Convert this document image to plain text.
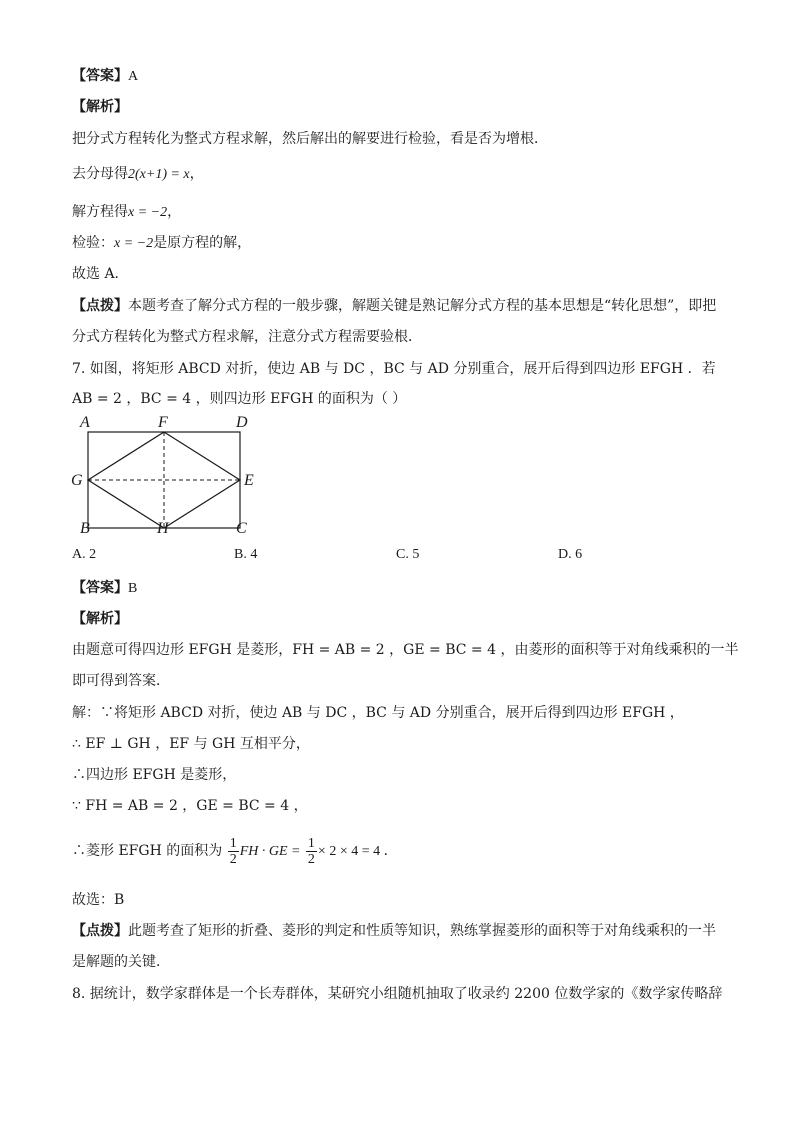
【答案】A
【解析】
把分式方程转化为整式方程求解，然后解出的解要进行检验，看是否为增根．
去分母得2(x+1) = x，
解方程得x = −2，
检验：x = −2是原方程的解，
故选 A．
【点拨】本题考查了解分式方程的一般步骤，解题关键是熟记解分式方程的基本思想是“转化思想”，即把
分式方程转化为整式方程求解，注意分式方程需要验根．
7. 如图，将矩形 ABCD 对折，使边 AB 与 DC ，BC 与 AD 分别重合，展开后得到四边形 EFGH ．若
AB = 2 ，BC = 4 ，则四边形 EFGH 的面积为（ ）
A	F	D
G	E
B	H	C
A. 2	B. 4	C. 5	D. 6
【答案】B
【解析】
由题意可得四边形 EFGH 是菱形，FH = AB = 2 ，GE = BC = 4 ，由菱形的面积等于对角线乘积的一半
即可得到答案．
解：∵将矩形 ABCD 对折，使边 AB 与 DC ，BC 与 AD 分别重合，展开后得到四边形 EFGH ，
∴ EF ⊥ GH ，EF 与 GH 互相平分，
∴四边形 EFGH 是菱形，
∵ FH = AB = 2 ，GE = BC = 4 ，
∴菱形 EFGH 的面积为 $\frac{1}{2}$ FH · GE = $\frac{1}{2} \times 2 \times 4 = 4$ ．
故选：B
【点拨】此题考查了矩形的折叠、菱形的判定和性质等知识，熟练掌握菱形的面积等于对角线乘积的一半
是解题的关键．
8. 据统计，数学家群体是一个长寿群体，某研究小组随机抽取了收录约 2200 位数学家的《数学家传略辞
